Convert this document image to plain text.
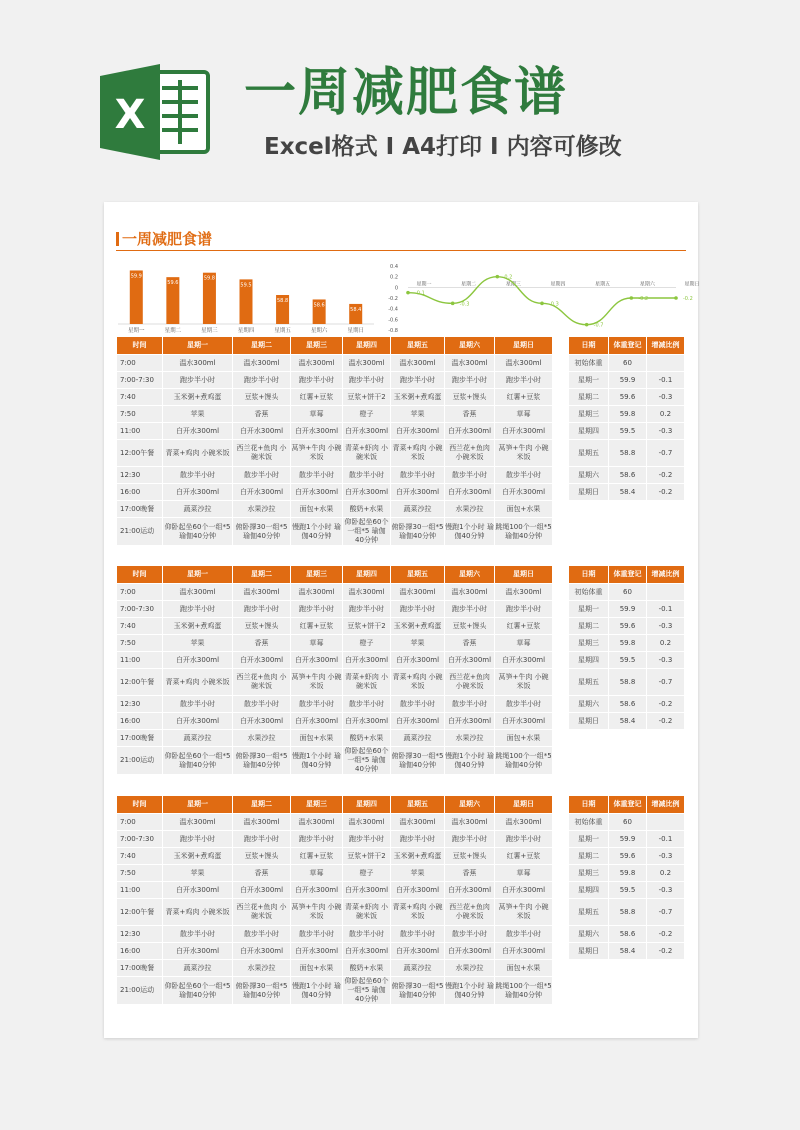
X 一周减肥食谱
Excel格式 I A4打印 I 内容可修改
一周减肥食谱
59.9
星期一
59.6
星期二
59.8
星期三
59.5
星期四
58.8
星期五
58.6
星期六
58.4
星期日
0.4
0.2
0
-0.2
-0.4
-0.6
-0.8
星期一	星期二	星期三	星期四	星期五	星期六	星期日
-0.1
-0.3
0.2
-0.3
-0.7
-0.2	-0.2
时间	星期一	星期二	星期三	星期四	星期五	星期六	星期日
7:00	温水300ml	温水300ml	温水300ml	温水300ml	温水300ml	温水300ml	温水300ml
7:00-7:30	跑步半小时	跑步半小时	跑步半小时	跑步半小时	跑步半小时	跑步半小时	跑步半小时
7:40	玉米粥+煮鸡蛋	豆浆+馒头	红薯+豆浆	豆浆+饼干2	玉米粥+煮鸡蛋	豆浆+馒头	红薯+豆浆
7:50	苹果	香蕉	草莓	橙子	苹果	香蕉	草莓
11:00	白开水300ml	白开水300ml	白开水300ml	白开水300ml	白开水300ml	白开水300ml	白开水300ml
12:00午餐	青菜+鸡肉 小碗米饭	西兰花+鱼肉 小碗米饭	莴笋+牛肉 小碗米饭	青菜+虾肉 小碗米饭	青菜+鸡肉 小碗米饭	西兰花+鱼肉 小碗米饭	莴笋+牛肉 小碗米饭
12:30	散步半小时	散步半小时	散步半小时	散步半小时	散步半小时	散步半小时	散步半小时
16:00	白开水300ml	白开水300ml	白开水300ml	白开水300ml	白开水300ml	白开水300ml	白开水300ml
17:00晚餐	蔬菜沙拉	水果沙拉	面包+水果	酸奶+水果	蔬菜沙拉	水果沙拉	面包+水果
21:00运动	仰卧起坐60个一组*5 瑜伽40分钟	俯卧撑30一组*5 瑜伽40分钟	慢跑1个小时 瑜伽40分钟	仰卧起坐60个 一组*5 瑜伽40分钟	俯卧撑30一组*5 瑜伽40分钟	慢跑1个小时 瑜伽40分钟	跳绳100个一组*5 瑜伽40分钟
日期	体重登记	增减比例
初始体重	60	
星期一	59.9	-0.1
星期二	59.6	-0.3
星期三	59.8	0.2
星期四	59.5	-0.3
星期五	58.8	-0.7
星期六	58.6	-0.2
星期日	58.4	-0.2
时间	星期一	星期二	星期三	星期四	星期五	星期六	星期日
7:00	温水300ml	温水300ml	温水300ml	温水300ml	温水300ml	温水300ml	温水300ml
7:00-7:30	跑步半小时	跑步半小时	跑步半小时	跑步半小时	跑步半小时	跑步半小时	跑步半小时
7:40	玉米粥+煮鸡蛋	豆浆+馒头	红薯+豆浆	豆浆+饼干2	玉米粥+煮鸡蛋	豆浆+馒头	红薯+豆浆
7:50	苹果	香蕉	草莓	橙子	苹果	香蕉	草莓
11:00	白开水300ml	白开水300ml	白开水300ml	白开水300ml	白开水300ml	白开水300ml	白开水300ml
12:00午餐	青菜+鸡肉 小碗米饭	西兰花+鱼肉 小碗米饭	莴笋+牛肉 小碗米饭	青菜+虾肉 小碗米饭	青菜+鸡肉 小碗米饭	西兰花+鱼肉 小碗米饭	莴笋+牛肉 小碗米饭
12:30	散步半小时	散步半小时	散步半小时	散步半小时	散步半小时	散步半小时	散步半小时
16:00	白开水300ml	白开水300ml	白开水300ml	白开水300ml	白开水300ml	白开水300ml	白开水300ml
17:00晚餐	蔬菜沙拉	水果沙拉	面包+水果	酸奶+水果	蔬菜沙拉	水果沙拉	面包+水果
21:00运动	仰卧起坐60个一组*5 瑜伽40分钟	俯卧撑30一组*5 瑜伽40分钟	慢跑1个小时 瑜伽40分钟	仰卧起坐60个 一组*5 瑜伽40分钟	俯卧撑30一组*5 瑜伽40分钟	慢跑1个小时 瑜伽40分钟	跳绳100个一组*5 瑜伽40分钟
日期	体重登记	增减比例
初始体重	60	
星期一	59.9	-0.1
星期二	59.6	-0.3
星期三	59.8	0.2
星期四	59.5	-0.3
星期五	58.8	-0.7
星期六	58.6	-0.2
星期日	58.4	-0.2
时间	星期一	星期二	星期三	星期四	星期五	星期六	星期日
7:00	温水300ml	温水300ml	温水300ml	温水300ml	温水300ml	温水300ml	温水300ml
7:00-7:30	跑步半小时	跑步半小时	跑步半小时	跑步半小时	跑步半小时	跑步半小时	跑步半小时
7:40	玉米粥+煮鸡蛋	豆浆+馒头	红薯+豆浆	豆浆+饼干2	玉米粥+煮鸡蛋	豆浆+馒头	红薯+豆浆
7:50	苹果	香蕉	草莓	橙子	苹果	香蕉	草莓
11:00	白开水300ml	白开水300ml	白开水300ml	白开水300ml	白开水300ml	白开水300ml	白开水300ml
12:00午餐	青菜+鸡肉 小碗米饭	西兰花+鱼肉 小碗米饭	莴笋+牛肉 小碗米饭	青菜+虾肉 小碗米饭	青菜+鸡肉 小碗米饭	西兰花+鱼肉 小碗米饭	莴笋+牛肉 小碗米饭
12:30	散步半小时	散步半小时	散步半小时	散步半小时	散步半小时	散步半小时	散步半小时
16:00	白开水300ml	白开水300ml	白开水300ml	白开水300ml	白开水300ml	白开水300ml	白开水300ml
17:00晚餐	蔬菜沙拉	水果沙拉	面包+水果	酸奶+水果	蔬菜沙拉	水果沙拉	面包+水果
21:00运动	仰卧起坐60个一组*5 瑜伽40分钟	俯卧撑30一组*5 瑜伽40分钟	慢跑1个小时 瑜伽40分钟	仰卧起坐60个 一组*5 瑜伽40分钟	俯卧撑30一组*5 瑜伽40分钟	慢跑1个小时 瑜伽40分钟	跳绳100个一组*5 瑜伽40分钟
日期	体重登记	增减比例
初始体重	60	
星期一	59.9	-0.1
星期二	59.6	-0.3
星期三	59.8	0.2
星期四	59.5	-0.3
星期五	58.8	-0.7
星期六	58.6	-0.2
星期日	58.4	-0.2
